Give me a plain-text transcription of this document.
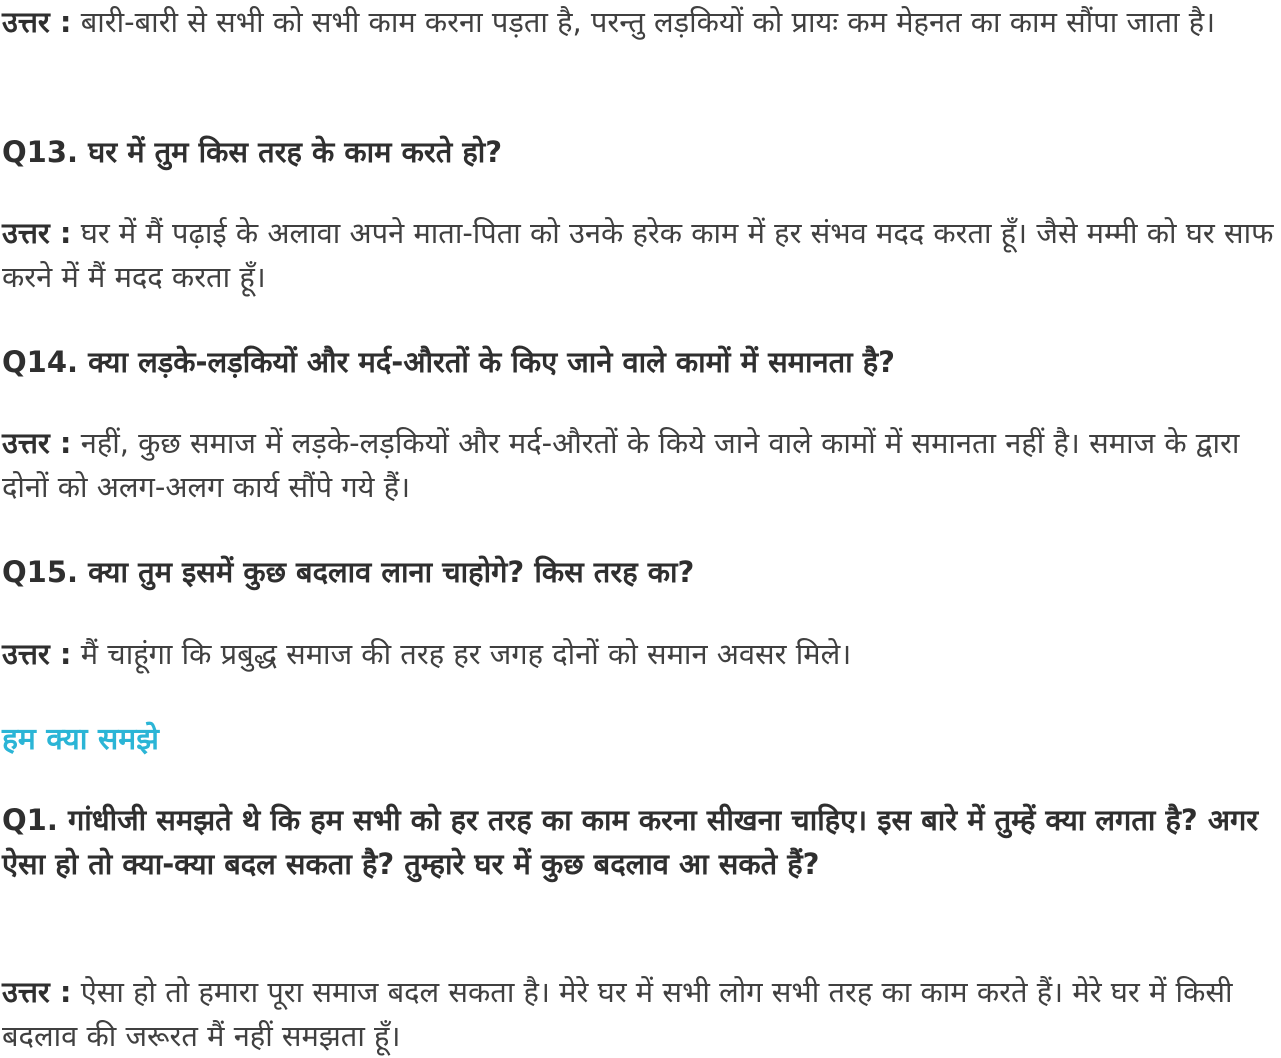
उत्तर : बारी-बारी से सभी को सभी काम करना पड़ता है, परन्तु लड़कियों को प्रायः कम मेहनत का काम सौंपा जाता है।

Q13. घर में तुम किस तरह के काम करते हो?

उत्तर : घर में मैं पढ़ाई के अलावा अपने माता-पिता को उनके हरेक काम में हर संभव मदद करता हूँ। जैसे मम्मी को घर साफ करने में मैं मदद करता हूँ।

Q14. क्या लड़के-लड़कियों और मर्द-औरतों के किए जाने वाले कामों में समानता है?

उत्तर : नहीं, कुछ समाज में लड़के-लड़कियों और मर्द-औरतों के किये जाने वाले कामों में समानता नहीं है। समाज के द्वारा दोनों को अलग-अलग कार्य सौंपे गये हैं।

Q15. क्या तुम इसमें कुछ बदलाव लाना चाहोगे? किस तरह का?

उत्तर : मैं चाहूंगा कि प्रबुद्ध समाज की तरह हर जगह दोनों को समान अवसर मिले।

हम क्या समझे

Q1. गांधीजी समझते थे कि हम सभी को हर तरह का काम करना सीखना चाहिए। इस बारे में तुम्हें क्या लगता है? अगर ऐसा हो तो क्या-क्या बदल सकता है? तुम्हारे घर में कुछ बदलाव आ सकते हैं?

उत्तर : ऐसा हो तो हमारा पूरा समाज बदल सकता है। मेरे घर में सभी लोग सभी तरह का काम करते हैं। मेरे घर में किसी बदलाव की जरूरत मैं नहीं समझता हूँ।
